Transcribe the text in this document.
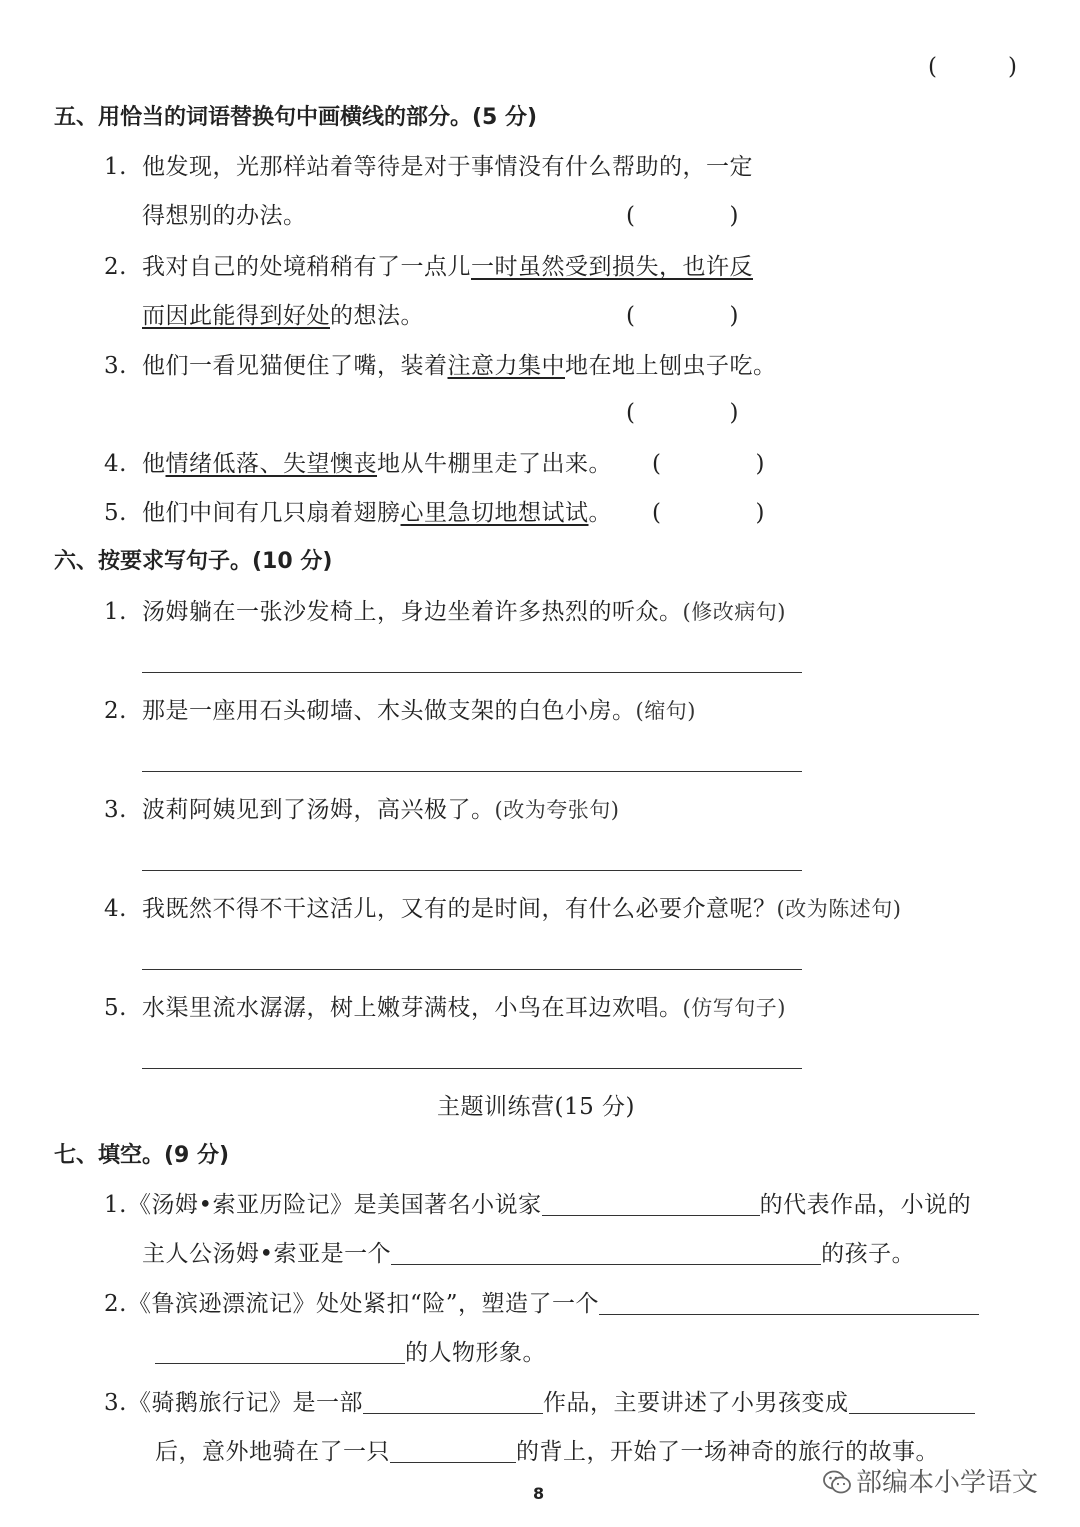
(　　　)
五、用恰当的词语替换句中画横线的部分。(5 分)
1. 他发现，光那样站着等待是对于事情没有什么帮助的，一定
得想别的办法。	(　　　　)
2. 我对自己的处境稍稍有了一点儿一时虽然受到损失，也许反
而因此能得到好处的想法。	(　　　　)
3. 他们一看见猫便住了嘴，装着注意力集中地在地上刨虫子吃。
(　　　　)
4. 他情绪低落、失望懊丧地从牛棚里走了出来。 (　　　　)
5. 他们中间有几只扇着翅膀心里急切地想试试。 (　　　　)
六、按要求写句子。(10 分)
1. 汤姆躺在一张沙发椅上，身边坐着许多热烈的听众。(修改病句)
2. 那是一座用石头砌墙、木头做支架的白色小房。(缩句)
3. 波莉阿姨见到了汤姆，高兴极了。(改为夸张句)
4. 我既然不得不干这活儿，又有的是时间，有什么必要介意呢？(改为陈述句)
5. 水渠里流水潺潺，树上嫩芽满枝，小鸟在耳边欢唱。(仿写句子)
主题训练营(15 分)
七、填空。(9 分)
1.《汤姆•索亚历险记》是美国著名小说家	的代表作品，小说的
主人公汤姆•索亚是一个	的孩子。
2.《鲁滨逊漂流记》处处紧扣“险”，塑造了一个
的人物形象。
3.《骑鹅旅行记》是一部	作品，主要讲述了小男孩变成
后，意外地骑在了一只	的背上，开始了一场神奇的旅行的故事。
8	部编本小学语文
